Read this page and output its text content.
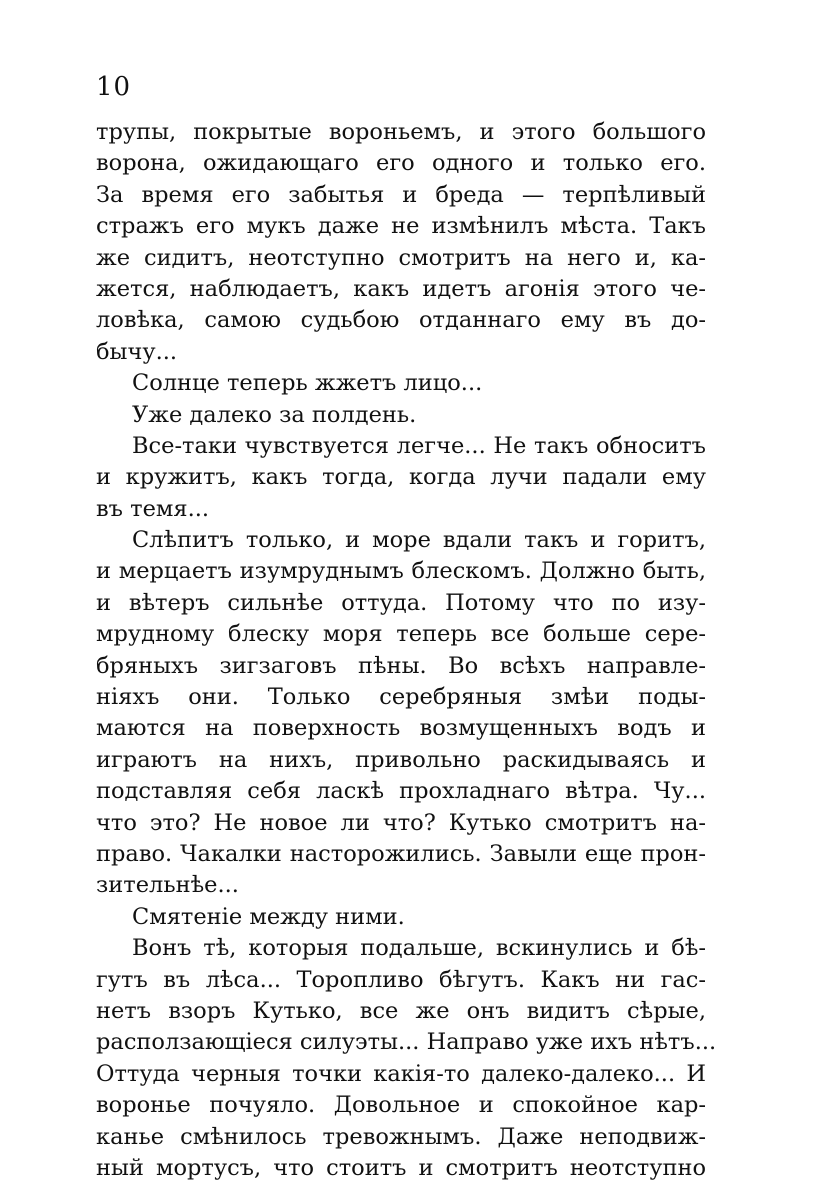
10
трупы, покрытые вороньемъ, и этого большого
ворона, ожидающаго его одного и только его.
За время его забытья и бреда — терпѣливый
стражъ его мукъ даже не измѣнилъ мѣста. Такъ
же сидитъ, неотступно смотритъ на него и, ка-
жется, наблюдаетъ, какъ идетъ агонія этого че-
ловѣка, самою судьбою отданнаго ему въ до-
бычу...
Солнце теперь жжетъ лицо...
Уже далеко за полдень.
Все-таки чувствуется легче... Не такъ обноситъ
и кружитъ, какъ тогда, когда лучи падали ему
въ темя...
Слѣпитъ только, и море вдали такъ и горитъ,
и мерцаетъ изумруднымъ блескомъ. Должно быть,
и вѣтеръ сильнѣе оттуда. Потому что по изу-
мрудному блеску моря теперь все больше сере-
бряныхъ зигзаговъ пѣны. Во всѣхъ направле-
ніяхъ они. Только серебряныя змѣи поды-
маются на поверхность возмущенныхъ водъ и
играютъ на нихъ, привольно раскидываясь и
подставляя себя ласкѣ прохладнаго вѣтра. Чу...
что это? Не новое ли что? Кутько смотритъ на-
право. Чакалки насторожились. Завыли еще прон-
зительнѣе...
Смятеніе между ними.
Вонъ тѣ, которыя подальше, вскинулись и бѣ-
гутъ въ лѣса... Торопливо бѣгутъ. Какъ ни гас-
нетъ взоръ Кутько, все же онъ видитъ сѣрые,
расползающіеся силуэты... Направо уже ихъ нѣтъ...
Оттуда черныя точки какія-то далеко-далеко... И
воронье почуяло. Довольное и спокойное кар-
канье смѣнилось тревожнымъ. Даже неподвиж-
ный мортусъ, что стоитъ и смотритъ неотступно
